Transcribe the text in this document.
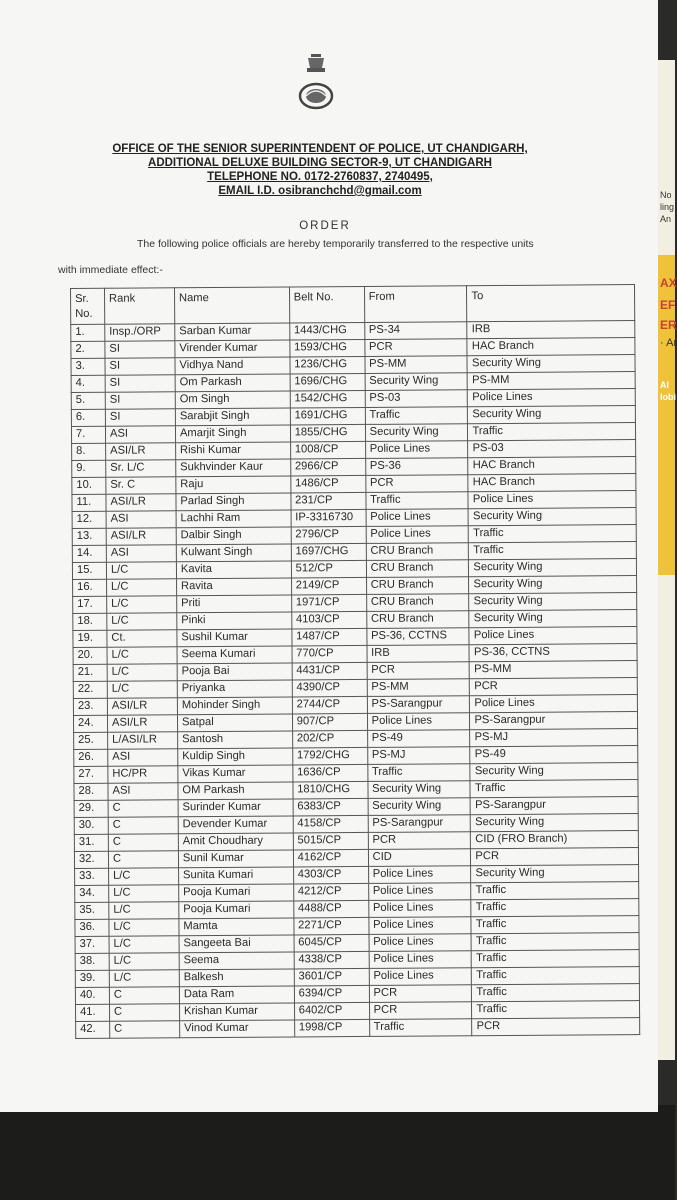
No
ling
An
AX
EF
ER
· Ar
Al
lobi
OFFICE OF THE SENIOR SUPERINTENDENT OF POLICE, UT CHANDIGARH,
ADDITIONAL DELUXE BUILDING SECTOR-9, UT CHANDIGARH
TELEPHONE NO. 0172-2760837, 2740495,
EMAIL I.D. osibranchchd@gmail.com
ORDER
The following police officials are hereby temporarily transferred to the respective units
with immediate effect:-
Sr. No.	Rank	Name	Belt No.	From	To
1.	Insp./ORP	Sarban Kumar	1443/CHG	PS-34	IRB
2.	SI	Virender Kumar	1593/CHG	PCR	HAC Branch
3.	SI	Vidhya Nand	1236/CHG	PS-MM	Security Wing
4.	SI	Om Parkash	1696/CHG	Security Wing	PS-MM
5.	SI	Om Singh	1542/CHG	PS-03	Police Lines
6.	SI	Sarabjit Singh	1691/CHG	Traffic	Security Wing
7.	ASI	Amarjit Singh	1855/CHG	Security Wing	Traffic
8.	ASI/LR	Rishi Kumar	1008/CP	Police Lines	PS-03
9.	Sr. L/C	Sukhvinder Kaur	2966/CP	PS-36	HAC Branch
10.	Sr. C	Raju	1486/CP	PCR	HAC Branch
11.	ASI/LR	Parlad Singh	231/CP	Traffic	Police Lines
12.	ASI	Lachhi Ram	IP-3316730	Police Lines	Security Wing
13.	ASI/LR	Dalbir Singh	2796/CP	Police Lines	Traffic
14.	ASI	Kulwant Singh	1697/CHG	CRU Branch	Traffic
15.	L/C	Kavita	512/CP	CRU Branch	Security Wing
16.	L/C	Ravita	2149/CP	CRU Branch	Security Wing
17.	L/C	Priti	1971/CP	CRU Branch	Security Wing
18.	L/C	Pinki	4103/CP	CRU Branch	Security Wing
19.	Ct.	Sushil Kumar	1487/CP	PS-36, CCTNS	Police Lines
20.	L/C	Seema Kumari	770/CP	IRB	PS-36, CCTNS
21.	L/C	Pooja Bai	4431/CP	PCR	PS-MM
22.	L/C	Priyanka	4390/CP	PS-MM	PCR
23.	ASI/LR	Mohinder Singh	2744/CP	PS-Sarangpur	Police Lines
24.	ASI/LR	Satpal	907/CP	Police Lines	PS-Sarangpur
25.	L/ASI/LR	Santosh	202/CP	PS-49	PS-MJ
26.	ASI	Kuldip Singh	1792/CHG	PS-MJ	PS-49
27.	HC/PR	Vikas Kumar	1636/CP	Traffic	Security Wing
28.	ASI	OM Parkash	1810/CHG	Security Wing	Traffic
29.	C	Surinder Kumar	6383/CP	Security Wing	PS-Sarangpur
30.	C	Devender Kumar	4158/CP	PS-Sarangpur	Security Wing
31.	C	Amit Choudhary	5015/CP	PCR	CID (FRO Branch)
32.	C	Sunil Kumar	4162/CP	CID	PCR
33.	L/C	Sunita Kumari	4303/CP	Police Lines	Security Wing
34.	L/C	Pooja Kumari	4212/CP	Police Lines	Traffic
35.	L/C	Pooja Kumari	4488/CP	Police Lines	Traffic
36.	L/C	Mamta	2271/CP	Police Lines	Traffic
37.	L/C	Sangeeta Bai	6045/CP	Police Lines	Traffic
38.	L/C	Seema	4338/CP	Police Lines	Traffic
39.	L/C	Balkesh	3601/CP	Police Lines	Traffic
40.	C	Data Ram	6394/CP	PCR	Traffic
41.	C	Krishan Kumar	6402/CP	PCR	Traffic
42.	C	Vinod Kumar	1998/CP	Traffic	PCR
